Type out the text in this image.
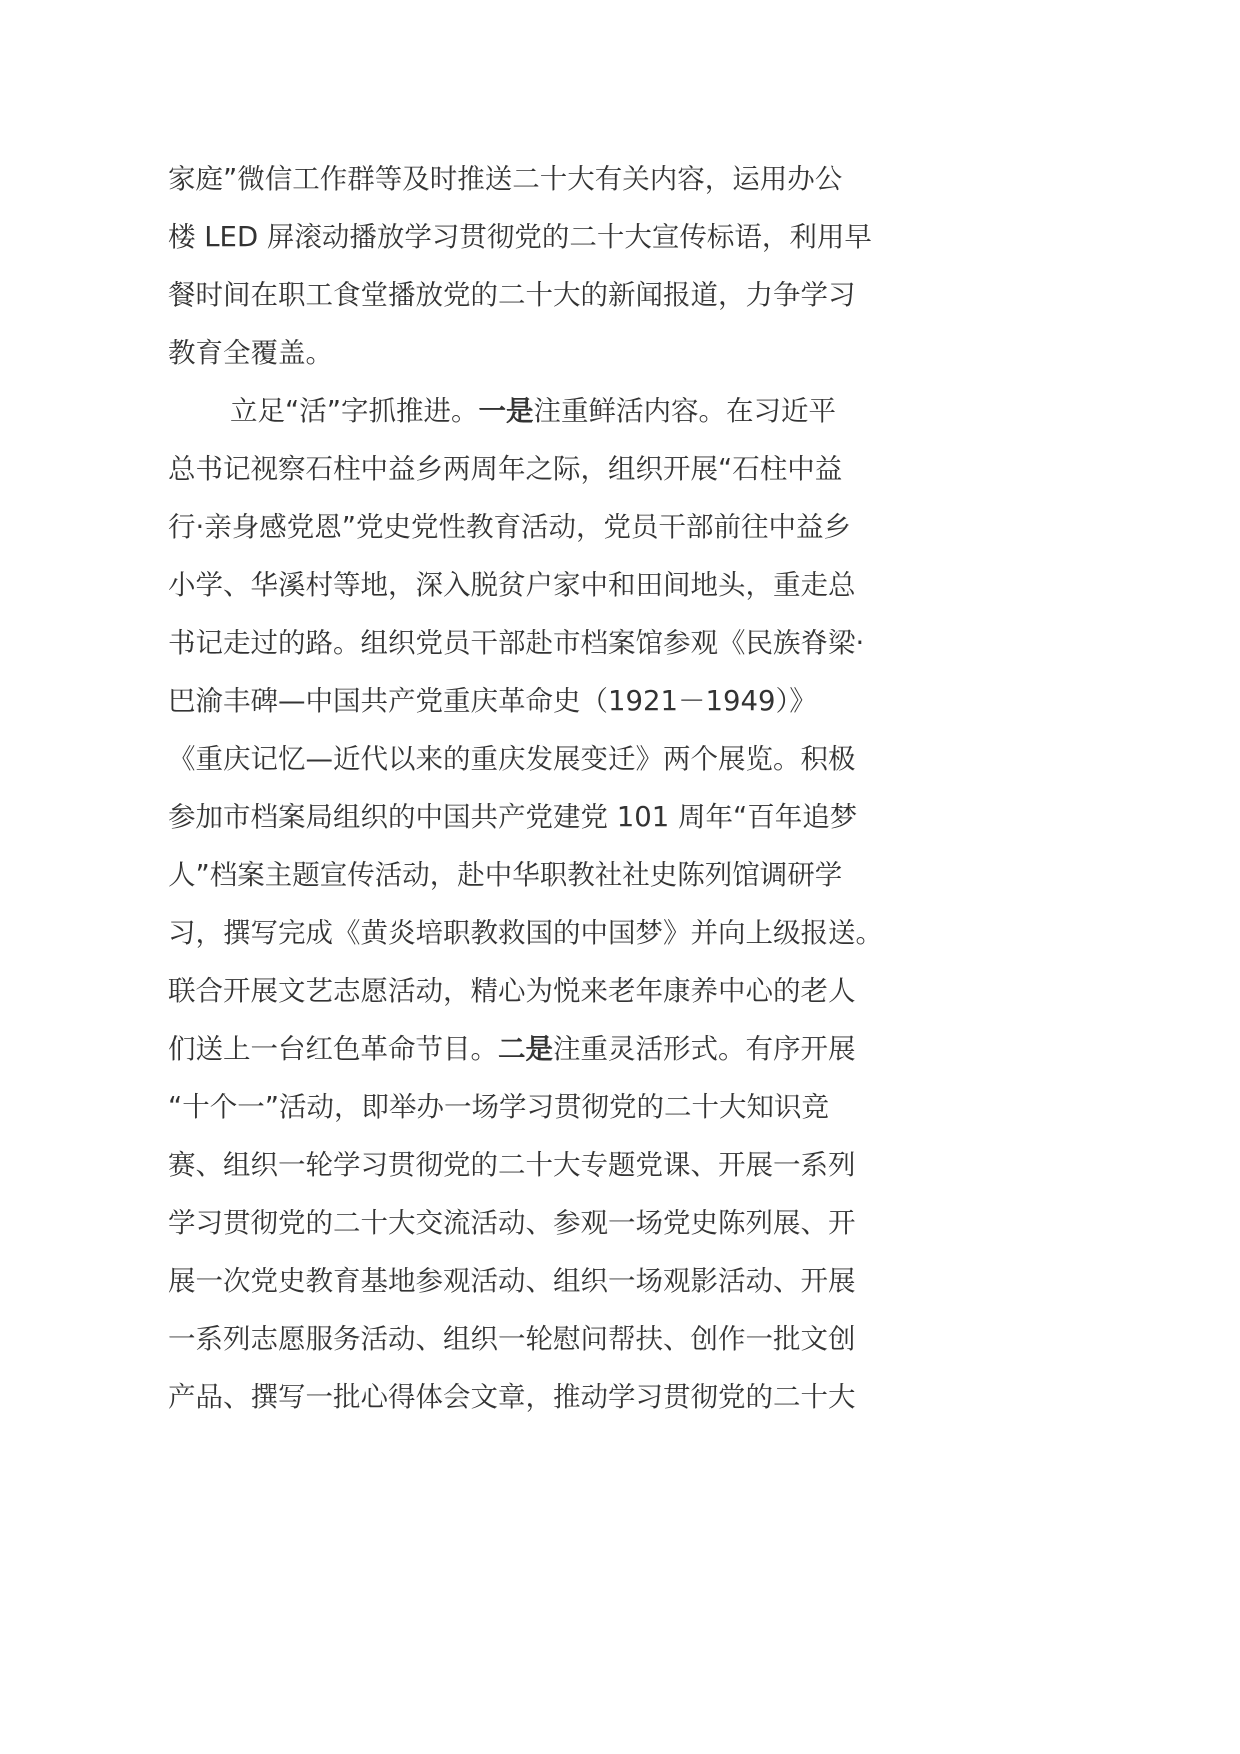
家庭”微信工作群等及时推送二十大有关内容，运用办公
楼 LED 屏滚动播放学习贯彻党的二十大宣传标语，利用早
餐时间在职工食堂播放党的二十大的新闻报道，力争学习
教育全覆盖。
立足“活”字抓推进。一是注重鲜活内容。在习近平
总书记视察石柱中益乡两周年之际，组织开展“石柱中益
行·亲身感党恩”党史党性教育活动，党员干部前往中益乡
小学、华溪村等地，深入脱贫户家中和田间地头，重走总
书记走过的路。组织党员干部赴市档案馆参观《民族脊梁·
巴渝丰碑—中国共产党重庆革命史（1921－1949）》
《重庆记忆—近代以来的重庆发展变迁》两个展览。积极
参加市档案局组织的中国共产党建党 101 周年“百年追梦
人”档案主题宣传活动，赴中华职教社社史陈列馆调研学
习，撰写完成《黄炎培职教救国的中国梦》并向上级报送。
联合开展文艺志愿活动，精心为悦来老年康养中心的老人
们送上一台红色革命节目。二是注重灵活形式。有序开展
“十个一”活动，即举办一场学习贯彻党的二十大知识竞
赛、组织一轮学习贯彻党的二十大专题党课、开展一系列
学习贯彻党的二十大交流活动、参观一场党史陈列展、开
展一次党史教育基地参观活动、组织一场观影活动、开展
一系列志愿服务活动、组织一轮慰问帮扶、创作一批文创
产品、撰写一批心得体会文章，推动学习贯彻党的二十大
